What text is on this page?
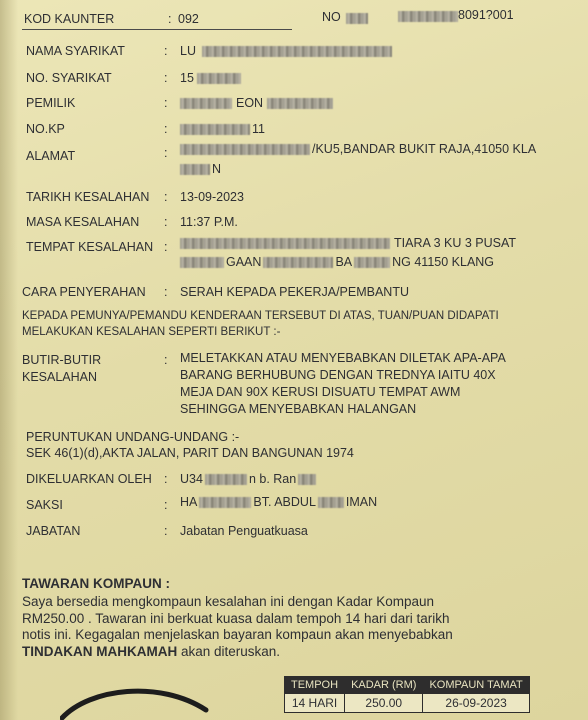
KOD KAUNTER	: 092	NO	8091?001
NAMA SYARIKAT	: LU
NO. SYARIKAT	: 15
PEMILIK	:	EON
NO.KP	:	11
ALAMAT	:	/KU5,BANDAR BUKIT RAJA,41050 KLA
N
TARIKH KESALAHAN : 13-09-2023
MASA KESALAHAN : 11:37 P.M.
TEMPAT KESALAHAN :	TIARA 3 KU 3 PUSAT
GAAN	BA	NG 41150 KLANG
CARA PENYERAHAN : SERAH KEPADA PEKERJA/PEMBANTU
KEPADA PEMUNYA/PEMANDU KENDERAAN TERSEBUT DI ATAS, TUAN/PUAN DIDAPATI
MELAKUKAN KESALAHAN SEPERTI BERIKUT :-
BUTIR-BUTIR
KESALAHAN
: MELETAKKAN ATAU MENYEBABKAN DILETAK APA-APA
BARANG BERHUBUNG DENGAN TREDNYA IAITU 40X
MEJA DAN 90X KERUSI DISUATU TEMPAT AWM
SEHINGGA MENYEBABKAN HALANGAN
PERUNTUKAN UNDANG-UNDANG :-
SEK 46(1)(d),AKTA JALAN, PARIT DAN BANGUNAN 1974
DIKELUARKAN OLEH : U34	n b. Ran
SAKSI	: HA	BT. ABDUL IMAN
JABATAN	: Jabatan Penguatkuasa
TAWARAN KOMPAUN :
Saya bersedia mengkompaun kesalahan ini dengan Kadar Kompaun
RM250.00 . Tawaran ini berkuat kuasa dalam tempoh 14 hari dari tarikh
notis ini. Kegagalan menjelaskan bayaran kompaun akan menyebabkan
TINDAKAN MAHKAMAH akan diteruskan.
TEMPOH	KADAR (RM)	KOMPAUN TAMAT
14 HARI	250.00	26-09-2023
